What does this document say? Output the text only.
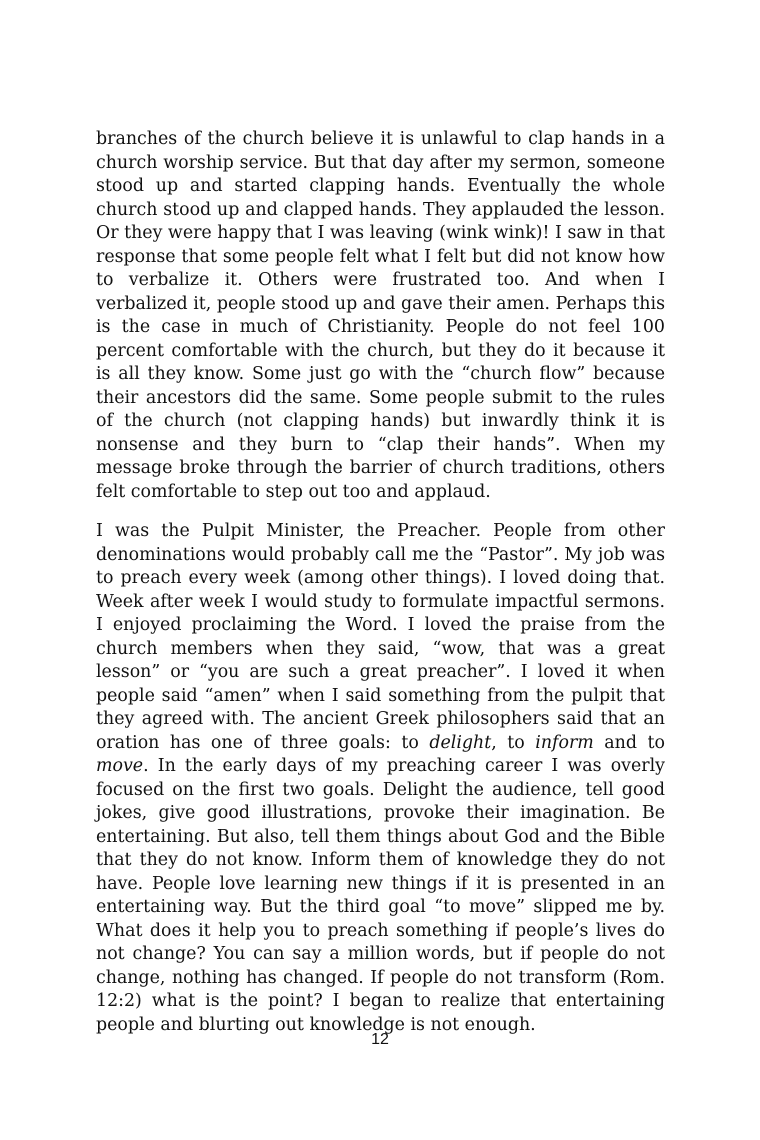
branches of the church believe it is unlawful to clap hands in a church worship service. But that day after my sermon, someone stood up and started clapping hands. Eventually the whole church stood up and clapped hands. They applauded the lesson. Or they were happy that I was leaving (wink wink)! I saw in that response that some people felt what I felt but did not know how to verbalize it. Others were frustrated too. And when I verbalized it, people stood up and gave their amen. Perhaps this is the case in much of Christianity. People do not feel 100 percent comfortable with the church, but they do it because it is all they know. Some just go with the “church flow” because their ancestors did the same. Some people submit to the rules of the church (not clapping hands) but inwardly think it is nonsense and they burn to “clap their hands”. When my message broke through the barrier of church traditions, others felt comfortable to step out too and applaud.

I was the Pulpit Minister, the Preacher. People from other denominations would probably call me the “Pastor”. My job was to preach every week (among other things). I loved doing that. Week after week I would study to formulate impactful sermons. I enjoyed proclaiming the Word. I loved the praise from the church members when they said, “wow, that was a great lesson” or “you are such a great preacher”. I loved it when people said “amen” when I said something from the pulpit that they agreed with. The ancient Greek philosophers said that an oration has one of three goals: to delight, to inform and to move. In the early days of my preaching career I was overly focused on the first two goals. Delight the audience, tell good jokes, give good illustrations, provoke their imagination. Be entertaining. But also, tell them things about God and the Bible that they do not know. Inform them of knowledge they do not have. People love learning new things if it is presented in an entertaining way. But the third goal “to move” slipped me by. What does it help you to preach something if people’s lives do not change? You can say a million words, but if people do not change, nothing has changed. If people do not transform (Rom. 12:2) what is the point? I began to realize that entertaining people and blurting out knowledge is not enough.

12
